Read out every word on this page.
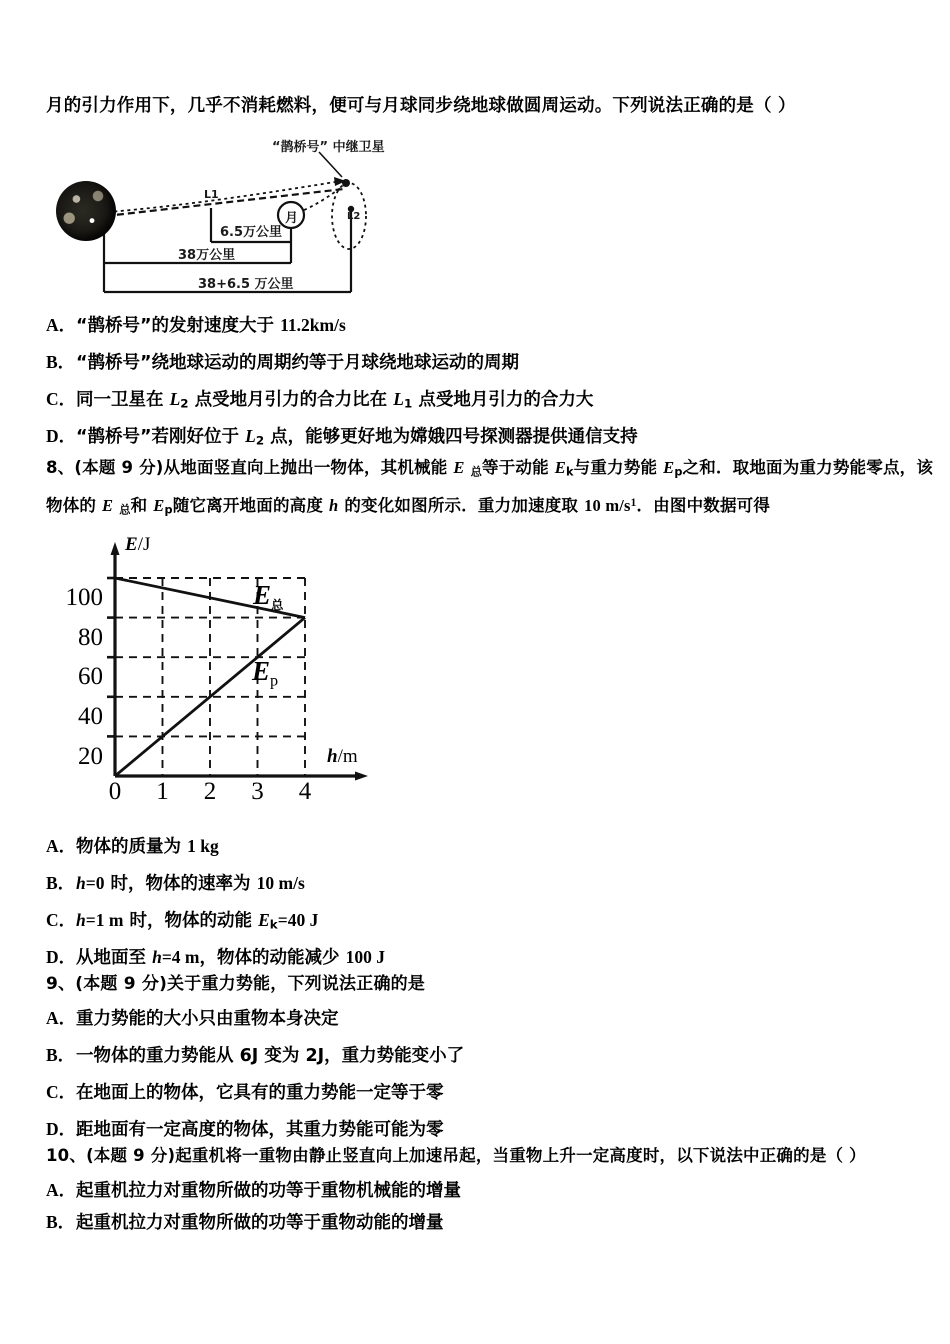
月的引力作用下，几乎不消耗燃料，便可与月球同步绕地球做圆周运动。下列说法正确的是（ ）
“鹊桥号” 中继卫星
L1
L2
月
6.5万公里
38万公里
38+6.5 万公里
A．“鹊桥号”的发射速度大于 11.2km/s
B．“鹊桥号”绕地球运动的周期约等于月球绕地球运动的周期
C．同一卫星在 $L_2$ 点受地月引力的合力比在 $L_1$ 点受地月引力的合力大
D．“鹊桥号”若刚好位于 $L_2$ 点，能够更好地为嫦娥四号探测器提供通信支持
8、(本题 9 分)从地面竖直向上抛出一物体，其机械能 E $_总$等于动能 $E_k$与重力势能 $E_p$之和．取地面为重力势能零点，该
物体的 E $_总$和 $E_p$随它离开地面的高度 h 的变化如图所示．重力加速度取 10 $m/s^1$．由图中数据可得
100
80
60
40
20
0 1 2 3 4
E/J
h/m
$E_总$
$E_p$
A．物体的质量为 1 kg
B．h=0 时，物体的速率为 10 m/s
C．h=1 m 时，物体的动能 $E_k=40$ J
D．从地面至 h=4 m，物体的动能减少 100 J
9、(本题 9 分)关于重力势能，下列说法正确的是
A．重力势能的大小只由重物本身决定
B．一物体的重力势能从 6J 变为 2J，重力势能变小了
C．在地面上的物体，它具有的重力势能一定等于零
D．距地面有一定高度的物体，其重力势能可能为零
10、(本题 9 分)起重机将一重物由静止竖直向上加速吊起，当重物上升一定高度时，以下说法中正确的是（ ）
A．起重机拉力对重物所做的功等于重物机械能的增量
B．起重机拉力对重物所做的功等于重物动能的增量
